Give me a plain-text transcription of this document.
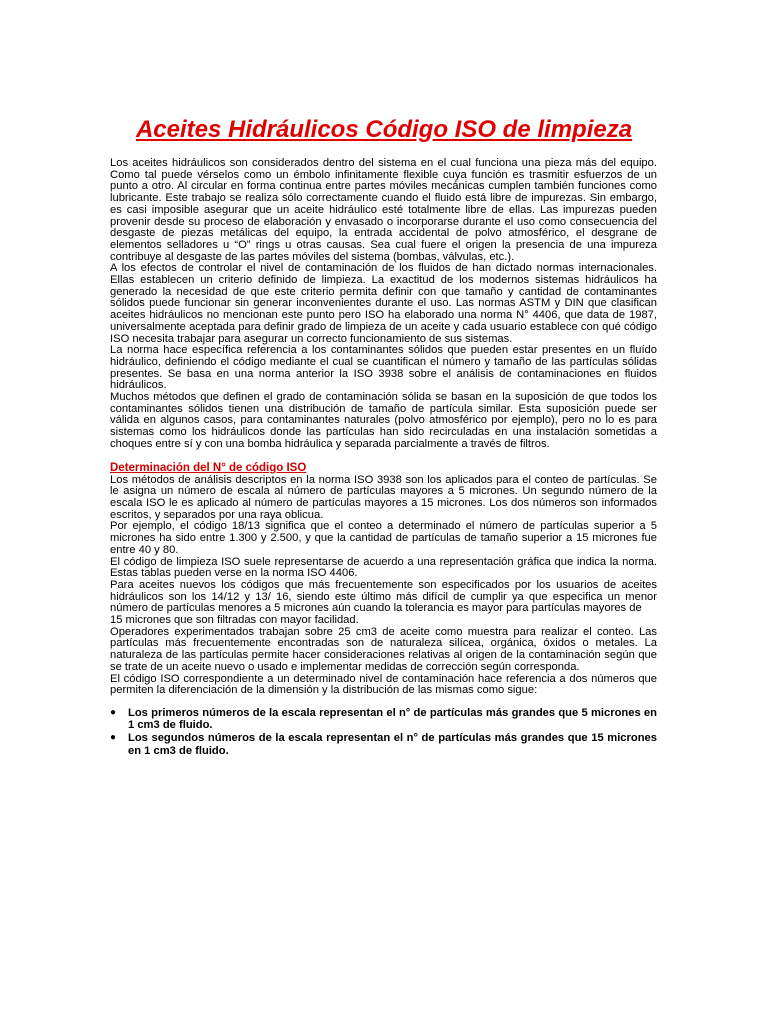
Aceites Hidráulicos Código ISO de limpieza

Los aceites hidráulicos son considerados dentro del sistema en el cual funciona una pieza más del equipo. Como tal puede vérselos como un émbolo infinitamente flexible cuya función es trasmitir esfuerzos de un punto a otro. Al circular en forma continua entre partes móviles mecánicas cumplen también funciones como lubricante. Este trabajo se realiza sólo correctamente cuando el fluido está libre de impurezas. Sin embargo, es casi imposible asegurar que un aceite hidráulico esté totalmente libre de ellas. Las impurezas pueden provenir desde su proceso de elaboración y envasado o incorporarse durante el uso como consecuencia del desgaste de piezas metálicas del equipo, la entrada accidental de polvo atmosférico, el desgrane de elementos selladores u “O” rings u otras causas. Sea cual fuere el origen la presencia de una impureza contribuye al desgaste de las partes móviles del sistema (bombas, válvulas, etc.).

A los efectos de controlar el nivel de contaminación de los fluidos de han dictado normas internacionales. Ellas establecen un criterio definido de limpieza. La exactitud de los modernos sistemas hidráulicos ha generado la necesidad de que este criterio permita definir con que tamaño y cantidad de contaminantes sólidos puede funcionar sin generar inconvenientes durante el uso. Las normas ASTM y DIN que clasifican aceites hidráulicos no mencionan este punto pero ISO ha elaborado una norma N° 4406, que data de 1987, universalmente aceptada para definir grado de limpieza de un aceite y cada usuario establece con qué código ISO necesita trabajar para asegurar un correcto funcionamiento de sus sistemas.

La norma hace específica referencia a los contaminantes sólidos que pueden estar presentes en un fluído hidráulico, definiendo el código mediante el cual se cuantifican el número y tamaño de las partículas sólidas presentes. Se basa en una norma anterior la ISO 3938 sobre el análisis de contaminaciones en fluidos hidráulicos.

Muchos métodos que definen el grado de contaminación sólida se basan en la suposición de que todos los contaminantes sólidos tienen una distribución de tamaño de partícula similar. Esta suposición puede ser válida en algunos casos, para contaminantes naturales (polvo atmosférico por ejemplo), pero no lo es para sistemas como los hidráulicos donde las partículas han sido recirculadas en una instalación sometidas a choques entre sí y con una bomba hidráulica y separada parcialmente a través de filtros.

Determinación del N° de código ISO

Los métodos de análisis descriptos en la norma ISO 3938 son los aplicados para el conteo de partículas. Se le asigna un número de escala al número de partículas mayores a 5 micrones. Un segundo número de la escala ISO le es aplicado al número de partículas mayores a 15 micrones. Los dos números son informados escritos, y separados por una raya oblicua.

Por ejemplo, el código 18/13 significa que el conteo a determinado el número de partículas superior a 5 micrones ha sido entre 1.300 y 2.500, y que la cantidad de partículas de tamaño superior a 15 micrones fue entre 40 y 80.

El código de limpieza ISO suele representarse de acuerdo a una representación gráfica que indica la norma. Estas tablas pueden verse en la norma ISO 4406.

Para aceites nuevos los códigos que más frecuentemente son especificados por los usuarios de aceites hidráulicos son los 14/12 y 13/ 16, siendo este último más difícil de cumplir ya que especifica un menor número de partículas menores a 5 micrones aún cuando la tolerancia es mayor para partículas mayores de

15 micrones que son filtradas con mayor facilidad.

Operadores experimentados trabajan sobre 25 cm3 de aceite como muestra para realizar el conteo. Las partículas más frecuentemente encontradas son de naturaleza silícea, orgánica, óxidos o metales. La naturaleza de las partículas permite hacer consideraciones relativas al origen de la contaminación según que se trate de un aceite nuevo o usado e implementar medidas de corrección según corresponda.

El código ISO correspondiente a un determinado nivel de contaminación hace referencia a dos números que permiten la diferenciación de la dimensión y la distribución de las mismas como sigue:

● Los primeros números de la escala representan el n° de partículas más grandes que 5 micrones en 1 cm3 de fluido.
● Los segundos números de la escala representan el n° de partículas más grandes que 15 micrones en 1 cm3 de fluido.
